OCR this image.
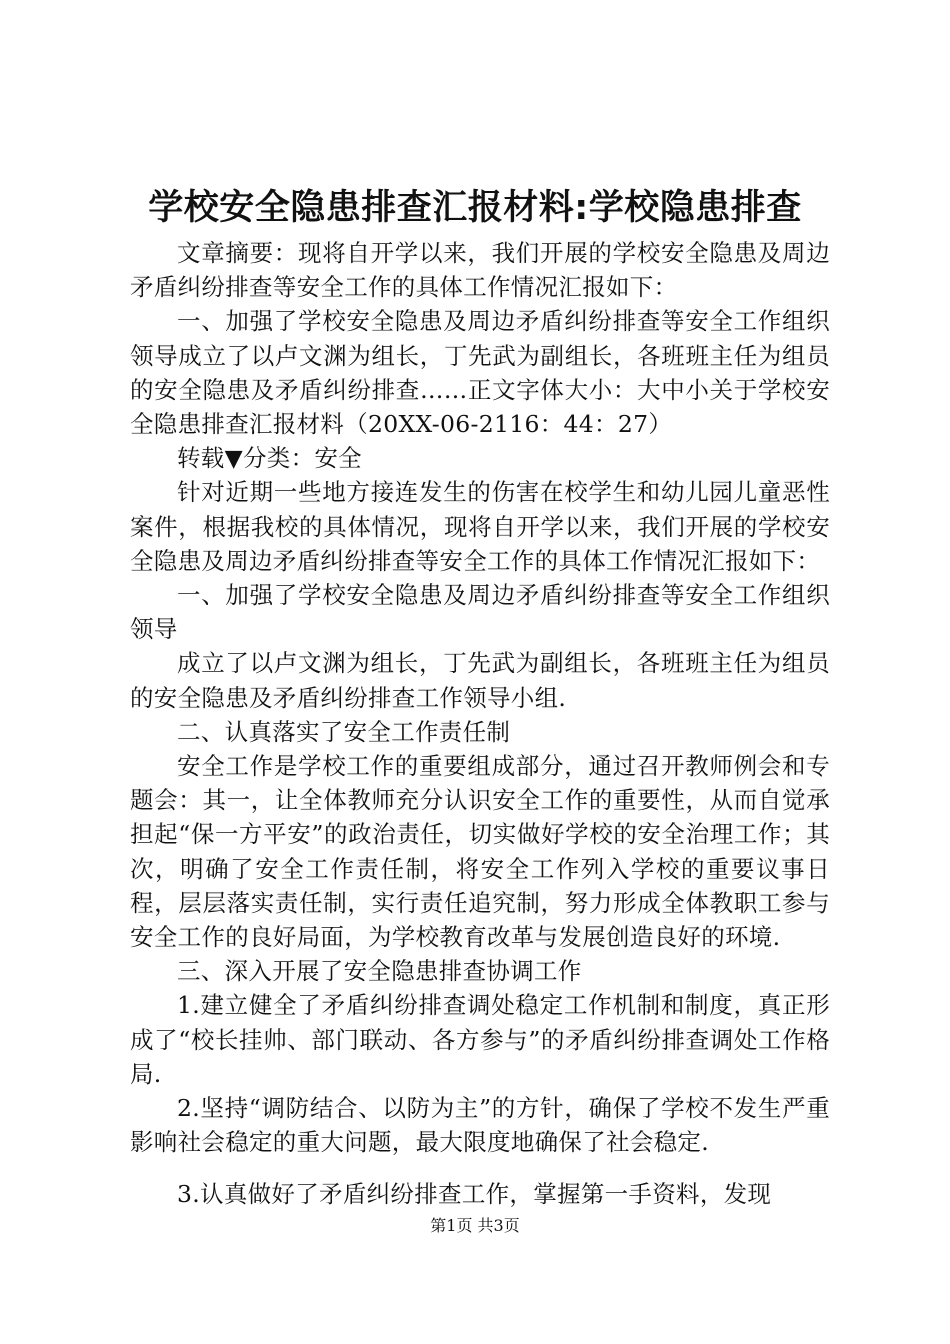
学校安全隐患排查汇报材料:学校隐患排查

文章摘要：现将自开学以来，我们开展的学校安全隐患及周边矛盾纠纷排查等安全工作的具体工作情况汇报如下：

一、加强了学校安全隐患及周边矛盾纠纷排查等安全工作组织领导成立了以卢文渊为组长，丁先武为副组长，各班班主任为组员的安全隐患及矛盾纠纷排查……正文字体大小：大中小关于学校安全隐患排查汇报材料（20XX-06-2116：44：27）

转载▼分类：安全

针对近期一些地方接连发生的伤害在校学生和幼儿园儿童恶性案件，根据我校的具体情况，现将自开学以来，我们开展的学校安全隐患及周边矛盾纠纷排查等安全工作的具体工作情况汇报如下：

一、加强了学校安全隐患及周边矛盾纠纷排查等安全工作组织领导

成立了以卢文渊为组长，丁先武为副组长，各班班主任为组员的安全隐患及矛盾纠纷排查工作领导小组.

二、认真落实了安全工作责任制

安全工作是学校工作的重要组成部分，通过召开教师例会和专题会：其一，让全体教师充分认识安全工作的重要性，从而自觉承担起“保一方平安”的政治责任，切实做好学校的安全治理工作；其次，明确了安全工作责任制，将安全工作列入学校的重要议事日程，层层落实责任制，实行责任追究制，努力形成全体教职工参与安全工作的良好局面，为学校教育改革与发展创造良好的环境.

三、深入开展了安全隐患排查协调工作

1.建立健全了矛盾纠纷排查调处稳定工作机制和制度，真正形成了“校长挂帅、部门联动、各方参与”的矛盾纠纷排查调处工作格局.

2.坚持“调防结合、以防为主”的方针，确保了学校不发生严重影响社会稳定的重大问题，最大限度地确保了社会稳定.

3.认真做好了矛盾纠纷排查工作，掌握第一手资料，发现

第1页 共3页
